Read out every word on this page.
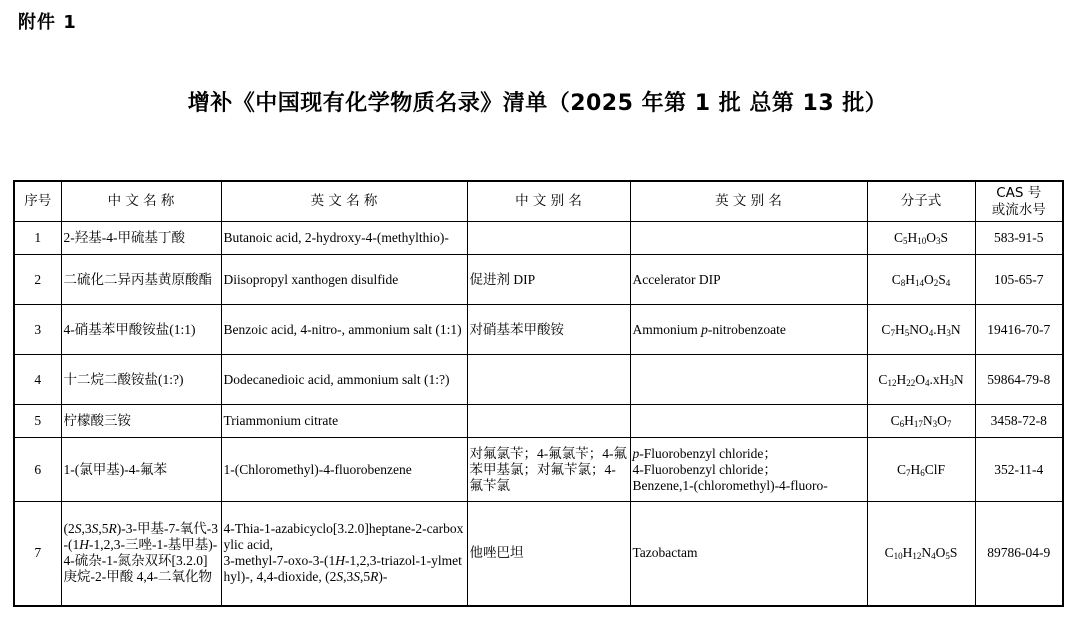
附件 1
增补《中国现有化学物质名录》清单（2025 年第 1 批 总第 13 批）
序号	中 文 名 称	英 文 名 称	中 文 别 名	英 文 别 名	分子式	CAS 号
或流水号
1	2-羟基-4-甲硫基丁酸	Butanoic acid, 2-hydroxy-4-(methylthio)-			$C_5H_{10}O_3S$	583-91-5
2	二硫化二异丙基黄原酸酯	Diisopropyl xanthogen disulfide	促进剂 DIP	Accelerator DIP	$C_8H_{14}O_2S_4$	105-65-7
3	4-硝基苯甲酸铵盐(1:1)	Benzoic acid, 4-nitro-, ammonium salt (1:1)	对硝基苯甲酸铵	Ammonium p-nitrobenzoate	$C_7H_5NO_4.H_3N$	19416-70-7
4	十二烷二酸铵盐(1:?)	Dodecanedioic acid, ammonium salt (1:?)			$C_{12}H_{22}O_4.xH_3N$	59864-79-8
5	柠檬酸三铵	Triammonium citrate			$C_6H_{17}N_3O_7$	3458-72-8
6	1-(氯甲基)-4-氟苯	1-(Chloromethyl)-4-fluorobenzene	对氟氯苄；4-氟氯苄；4-氟苯甲基氯；对氟苄氯；4-氟苄氯	p-Fluorobenzyl chloride；
4-Fluorobenzyl chloride；
Benzene,1-(chloromethyl)-4-fluoro-	$C_7H_6ClF$	352-11-4
7	(2S,3S,5R)-3-甲基-7-氧代-3-(1H-1,2,3-三唑-1-基甲基)-4-硫杂-1-氮杂双环[3.2.0]庚烷-2-甲酸 4,4-二氧化物	4-Thia-1-azabicyclo[3.2.0]heptane-2-carboxylic acid,
3-methyl-7-oxo-3-(1H-1,2,3-triazol-1-ylmethyl)-, 4,4-dioxide, (2S,3S,5R)-	他唑巴坦	Tazobactam	$C_{10}H_{12}N_4O_5S$	89786-04-9
